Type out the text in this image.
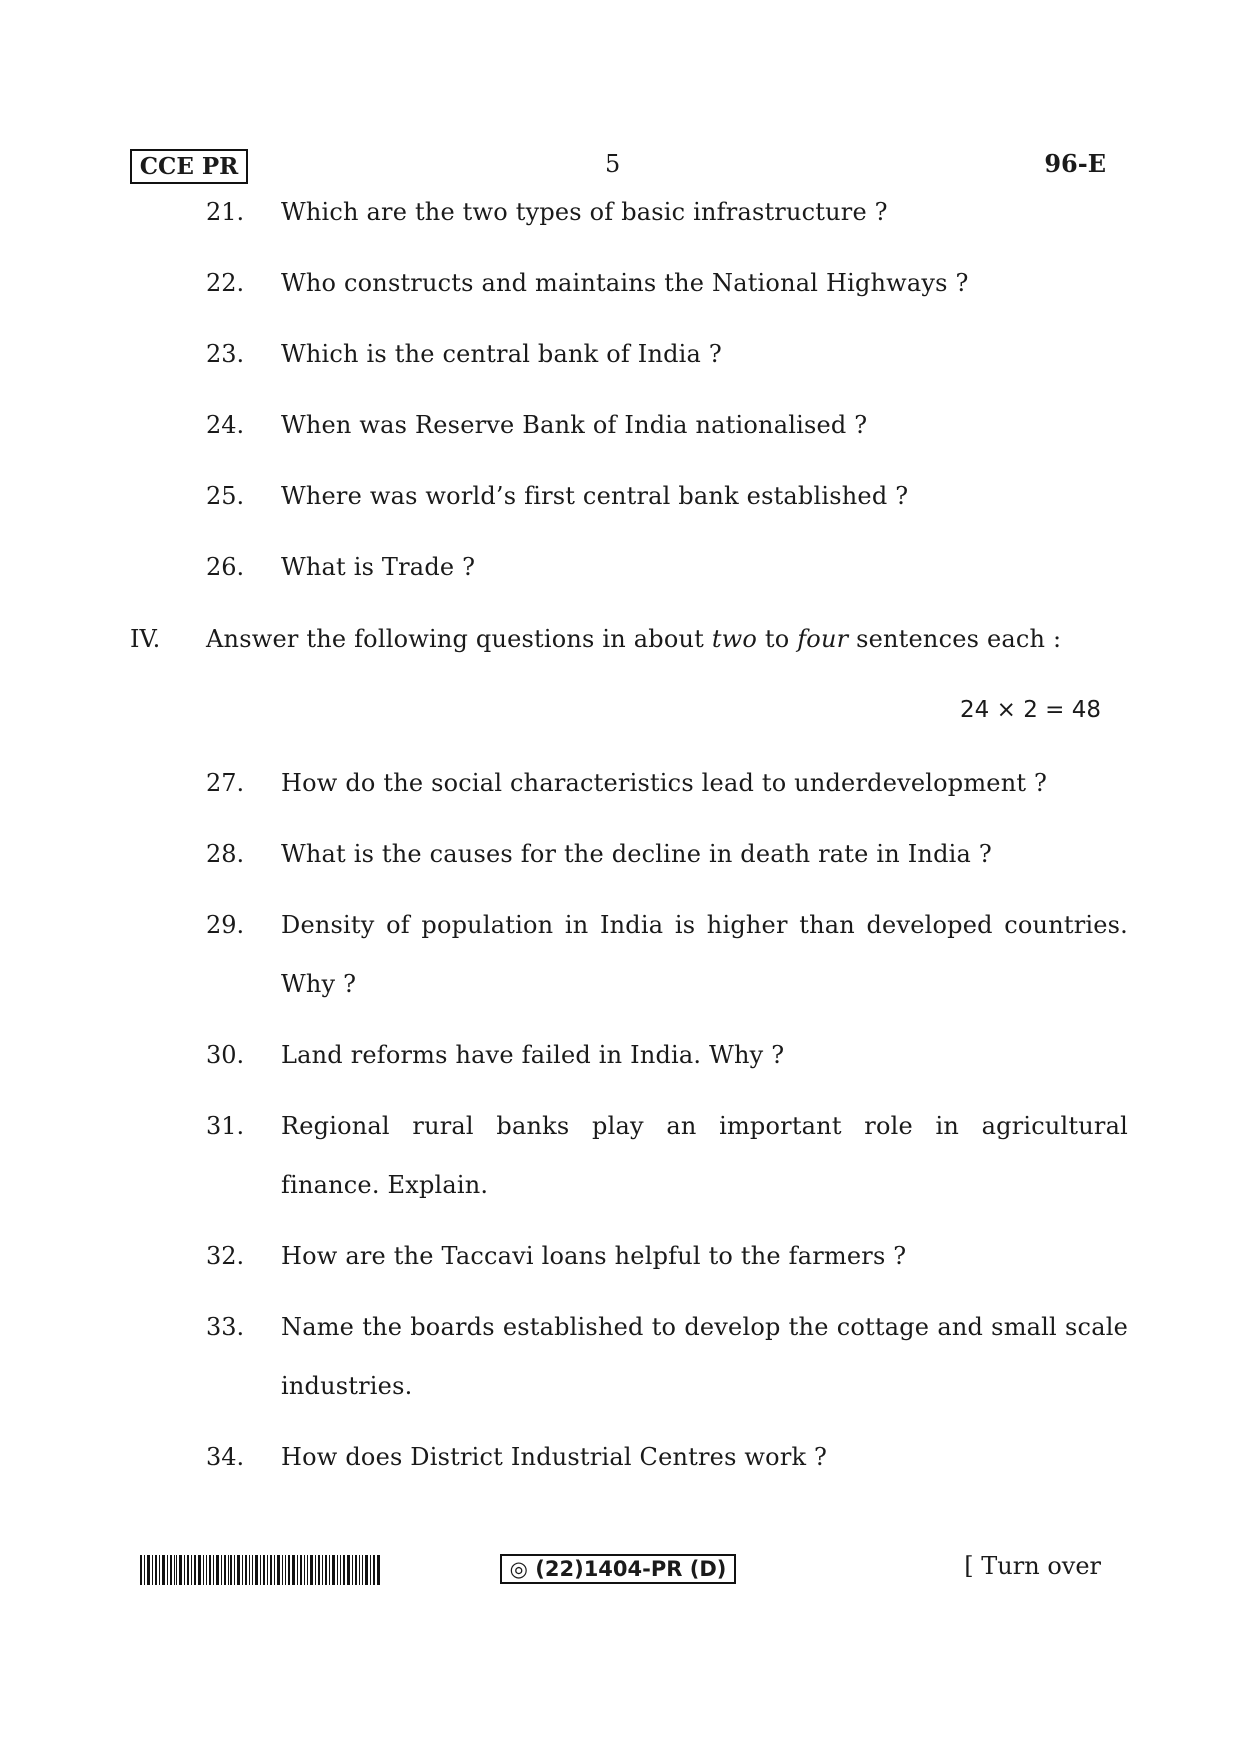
CCE PR	5	96-E
21. Which are the two types of basic infrastructure ?
22. Who constructs and maintains the National Highways ?
23. Which is the central bank of India ?
24. When was Reserve Bank of India nationalised ?
25. Where was world’s first central bank established ?
26. What is Trade ?
IV. Answer the following questions in about two to four sentences each :
24 × 2 = 48
27. How do the social characteristics lead to underdevelopment ?
28. What is the causes for the decline in death rate in India ?
29. Density of population in India is higher than developed countries.
Why ?
30. Land reforms have failed in India. Why ?
31. Regional rural banks play an important role in agricultural
finance. Explain.
32. How are the Taccavi loans helpful to the farmers ?
33. Name the boards established to develop the cottage and small scale
industries.
34. How does District Industrial Centres work ?
◎ (22)1404-PR (D)	[ Turn over
